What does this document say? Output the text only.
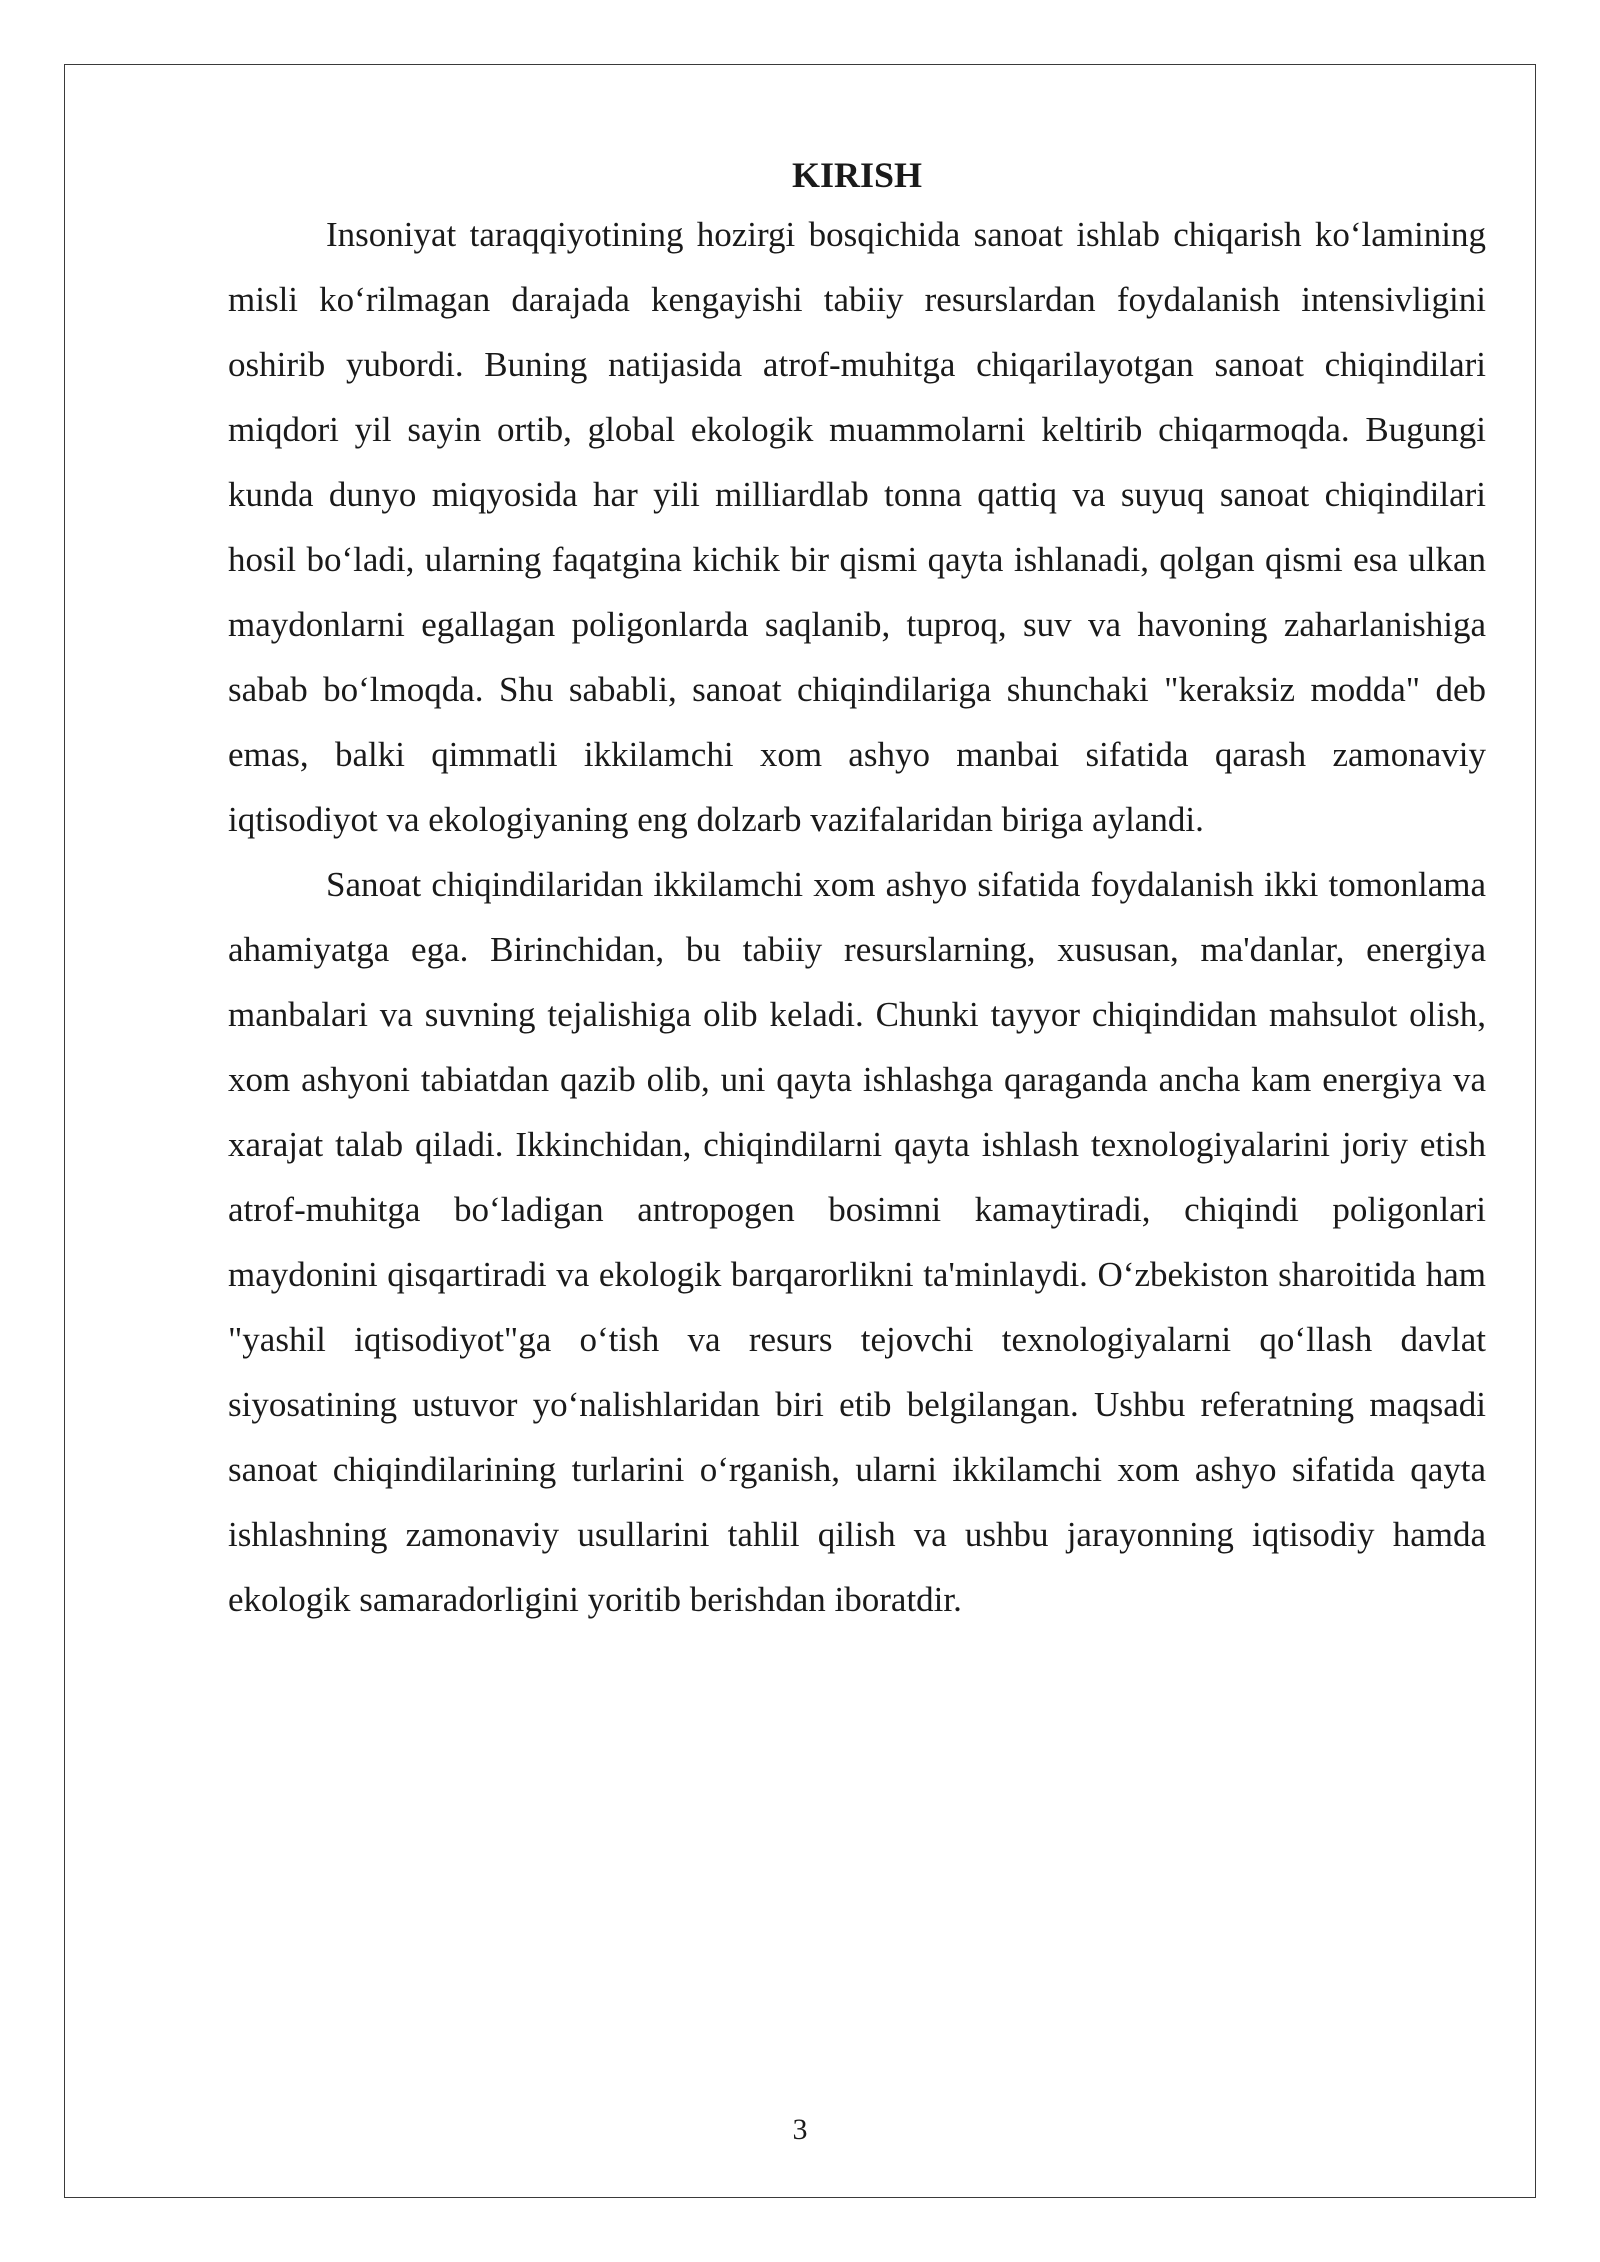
KIRISH

Insoniyat taraqqiyotining hozirgi bosqichida sanoat ishlab chiqarish ko‘lamining misli ko‘rilmagan darajada kengayishi tabiiy resurslardan foydalanish intensivligini oshirib yubordi. Buning natijasida atrof-muhitga chiqarilayotgan sanoat chiqindilari miqdori yil sayin ortib, global ekologik muammolarni keltirib chiqarmoqda. Bugungi kunda dunyo miqyosida har yili milliardlab tonna qattiq va suyuq sanoat chiqindilari hosil bo‘ladi, ularning faqatgina kichik bir qismi qayta ishlanadi, qolgan qismi esa ulkan maydonlarni egallagan poligonlarda saqlanib, tuproq, suv va havoning zaharlanishiga sabab bo‘lmoqda. Shu sababli, sanoat chiqindilariga shunchaki "keraksiz modda" deb emas, balki qimmatli ikkilamchi xom ashyo manbai sifatida qarash zamonaviy iqtisodiyot va ekologiyaning eng dolzarb vazifalaridan biriga aylandi.

Sanoat chiqindilaridan ikkilamchi xom ashyo sifatida foydalanish ikki tomonlama ahamiyatga ega. Birinchidan, bu tabiiy resurslarning, xususan, ma'danlar, energiya manbalari va suvning tejalishiga olib keladi. Chunki tayyor chiqindidan mahsulot olish, xom ashyoni tabiatdan qazib olib, uni qayta ishlashga qaraganda ancha kam energiya va xarajat talab qiladi. Ikkinchidan, chiqindilarni qayta ishlash texnologiyalarini joriy etish atrof-muhitga bo‘ladigan antropogen bosimni kamaytiradi, chiqindi poligonlari maydonini qisqartiradi va ekologik barqarorlikni ta'minlaydi. O‘zbekiston sharoitida ham "yashil iqtisodiyot"ga o‘tish va resurs tejovchi texnologiyalarni qo‘llash davlat siyosatining ustuvor yo‘nalishlaridan biri etib belgilangan. Ushbu referatning maqsadi sanoat chiqindilarining turlarini o‘rganish, ularni ikkilamchi xom ashyo sifatida qayta ishlashning zamonaviy usullarini tahlil qilish va ushbu jarayonning iqtisodiy hamda ekologik samaradorligini yoritib berishdan iboratdir.

3
